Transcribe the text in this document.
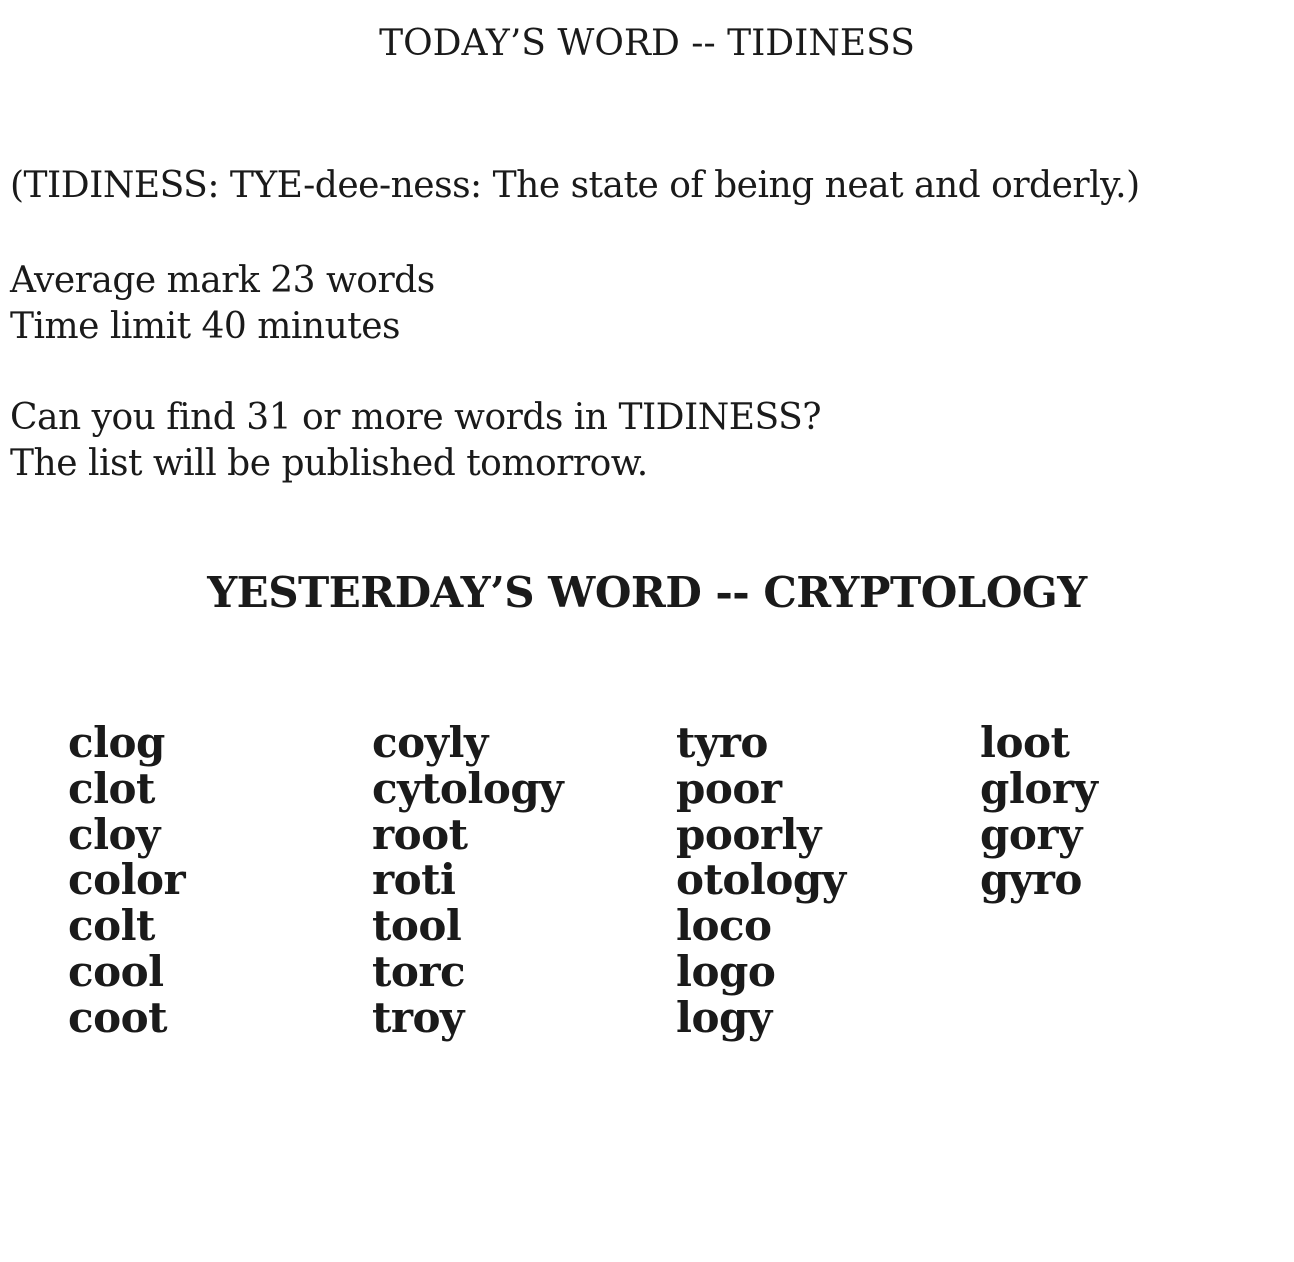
TODAY’S WORD -- TIDINESS
(TIDINESS: TYE-dee-ness: The state of being neat and orderly.)
Average mark 23 words
Time limit 40 minutes
Can you find 31 or more words in TIDINESS?
The list will be published tomorrow.
YESTERDAY’S WORD -- CRYPTOLOGY
clog
clot
cloy
color
colt
cool
coot
coyly
cytology
root
roti
tool
torc
troy
tyro
poor
poorly
otology
loco
logo
logy
loot
glory
gory
gyro
